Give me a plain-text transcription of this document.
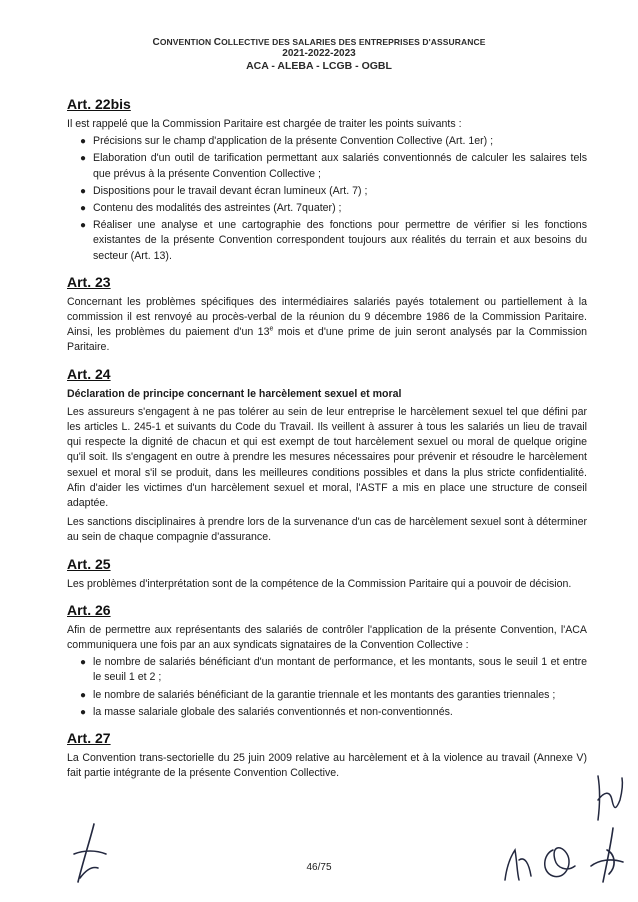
CONVENTION COLLECTIVE DES SALARIES DES ENTREPRISES D'ASSURANCE
2021-2022-2023
ACA - ALEBA - LCGB - OGBL
Art. 22bis

Il est rappelé que la Commission Paritaire est chargée de traiter les points suivants :

● Précisions sur le champ d'application de la présente Convention Collective (Art. 1er) ;
● Elaboration d'un outil de tarification permettant aux salariés conventionnés de calculer les salaires tels que prévus à la présente Convention Collective ;
● Dispositions pour le travail devant écran lumineux (Art. 7) ;
● Contenu des modalités des astreintes (Art. 7quater) ;
● Réaliser une analyse et une cartographie des fonctions pour permettre de vérifier si les fonctions existantes de la présente Convention correspondent toujours aux réalités du terrain et aux besoins du secteur (Art. 13).
Art. 23

Concernant les problèmes spécifiques des intermédiaires salariés payés totalement ou partiellement à la commission il est renvoyé au procès-verbal de la réunion du 9 décembre 1986 de la Commission Paritaire. Ainsi, les problèmes du paiement d'un 13e mois et d'une prime de juin seront analysés par la Commission Paritaire.

Art. 24

Déclaration de principe concernant le harcèlement sexuel et moral

Les assureurs s'engagent à ne pas tolérer au sein de leur entreprise le harcèlement sexuel tel que défini par les articles L. 245-1 et suivants du Code du Travail. Ils veillent à assurer à tous les salariés un lieu de travail qui respecte la dignité de chacun et qui est exempt de tout harcèlement sexuel ou moral de quelque origine qu'il soit. Ils s'engagent en outre à prendre les mesures nécessaires pour prévenir et résoudre le harcèlement sexuel et moral s'il se produit, dans les meilleures conditions possibles et dans la plus stricte confidentialité. Afin d'aider les victimes d'un harcèlement sexuel et moral, l'ASTF a mis en place une structure de conseil adaptée.

Les sanctions disciplinaires à prendre lors de la survenance d'un cas de harcèlement sexuel sont à déterminer au sein de chaque compagnie d'assurance.

Art. 25

Les problèmes d'interprétation sont de la compétence de la Commission Paritaire qui a pouvoir de décision.

Art. 26

Afin de permettre aux représentants des salariés de contrôler l'application de la présente Convention, l'ACA communiquera une fois par an aux syndicats signataires de la Convention Collective :

● le nombre de salariés bénéficiant d'un montant de performance, et les montants, sous le seuil 1 et entre le seuil 1 et 2 ;
● le nombre de salariés bénéficiant de la garantie triennale et les montants des garanties triennales ;
● la masse salariale globale des salariés conventionnés et non-conventionnés.
Art. 27

La Convention trans-sectorielle du 25 juin 2009 relative au harcèlement et à la violence au travail (Annexe V) fait partie intégrante de la présente Convention Collective.

46/75
